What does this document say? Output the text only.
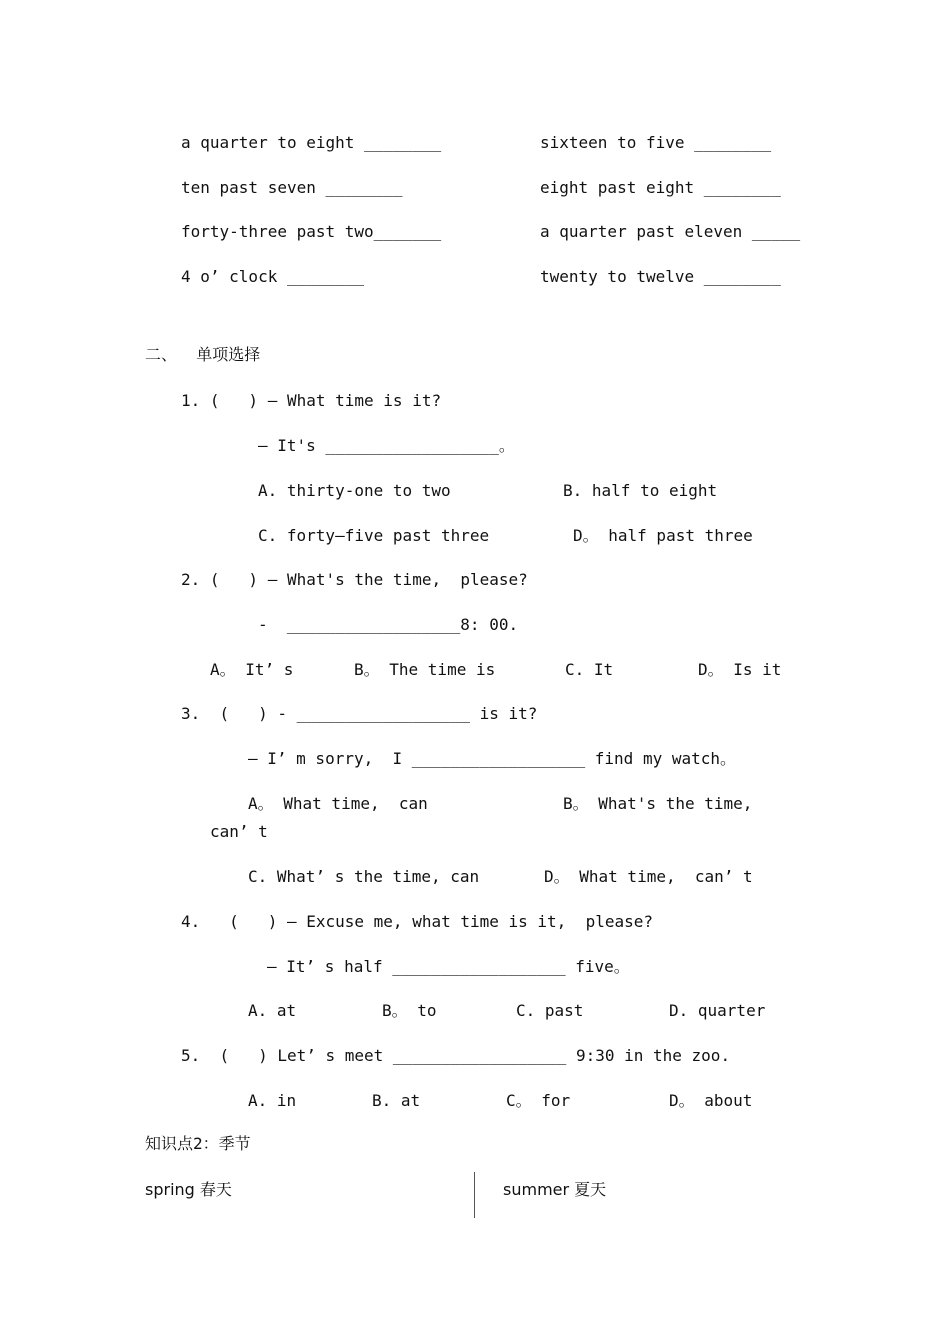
a quarter to eight ________	sixteen to five ________
ten past seven ________	eight past eight ________
forty-three past two_______	a quarter past eleven _____
4 o’ clock ________	twenty to twelve ________
二、  单项选择
1. (   ) — What time is it?
— It's __________________。
A. thirty-one to two	B. half to eight
C. forty—five past three	D。 half past three
2. (   ) — What's the time,  please?
-  __________________8: 00.
A。 It’ s	B。 The time is	C. It	D。 Is it
3.  (   ) - __________________ is it?
— I’ m sorry,  I __________________ find my watch。
A。 What time,  can	B。 What's the time,
can’ t
C. What’ s the time, can	D。 What time,  can’ t
4.   (   ) — Excuse me, what time is it,  please?
— It’ s half __________________ five。
A. at	B。 to	C. past	D. quarter
5.  (   ) Let’ s meet __________________ 9:30 in the zoo.
A. in	B. at	C。 for	D。 about
知识点2：季节
spring 春天	summer 夏天
